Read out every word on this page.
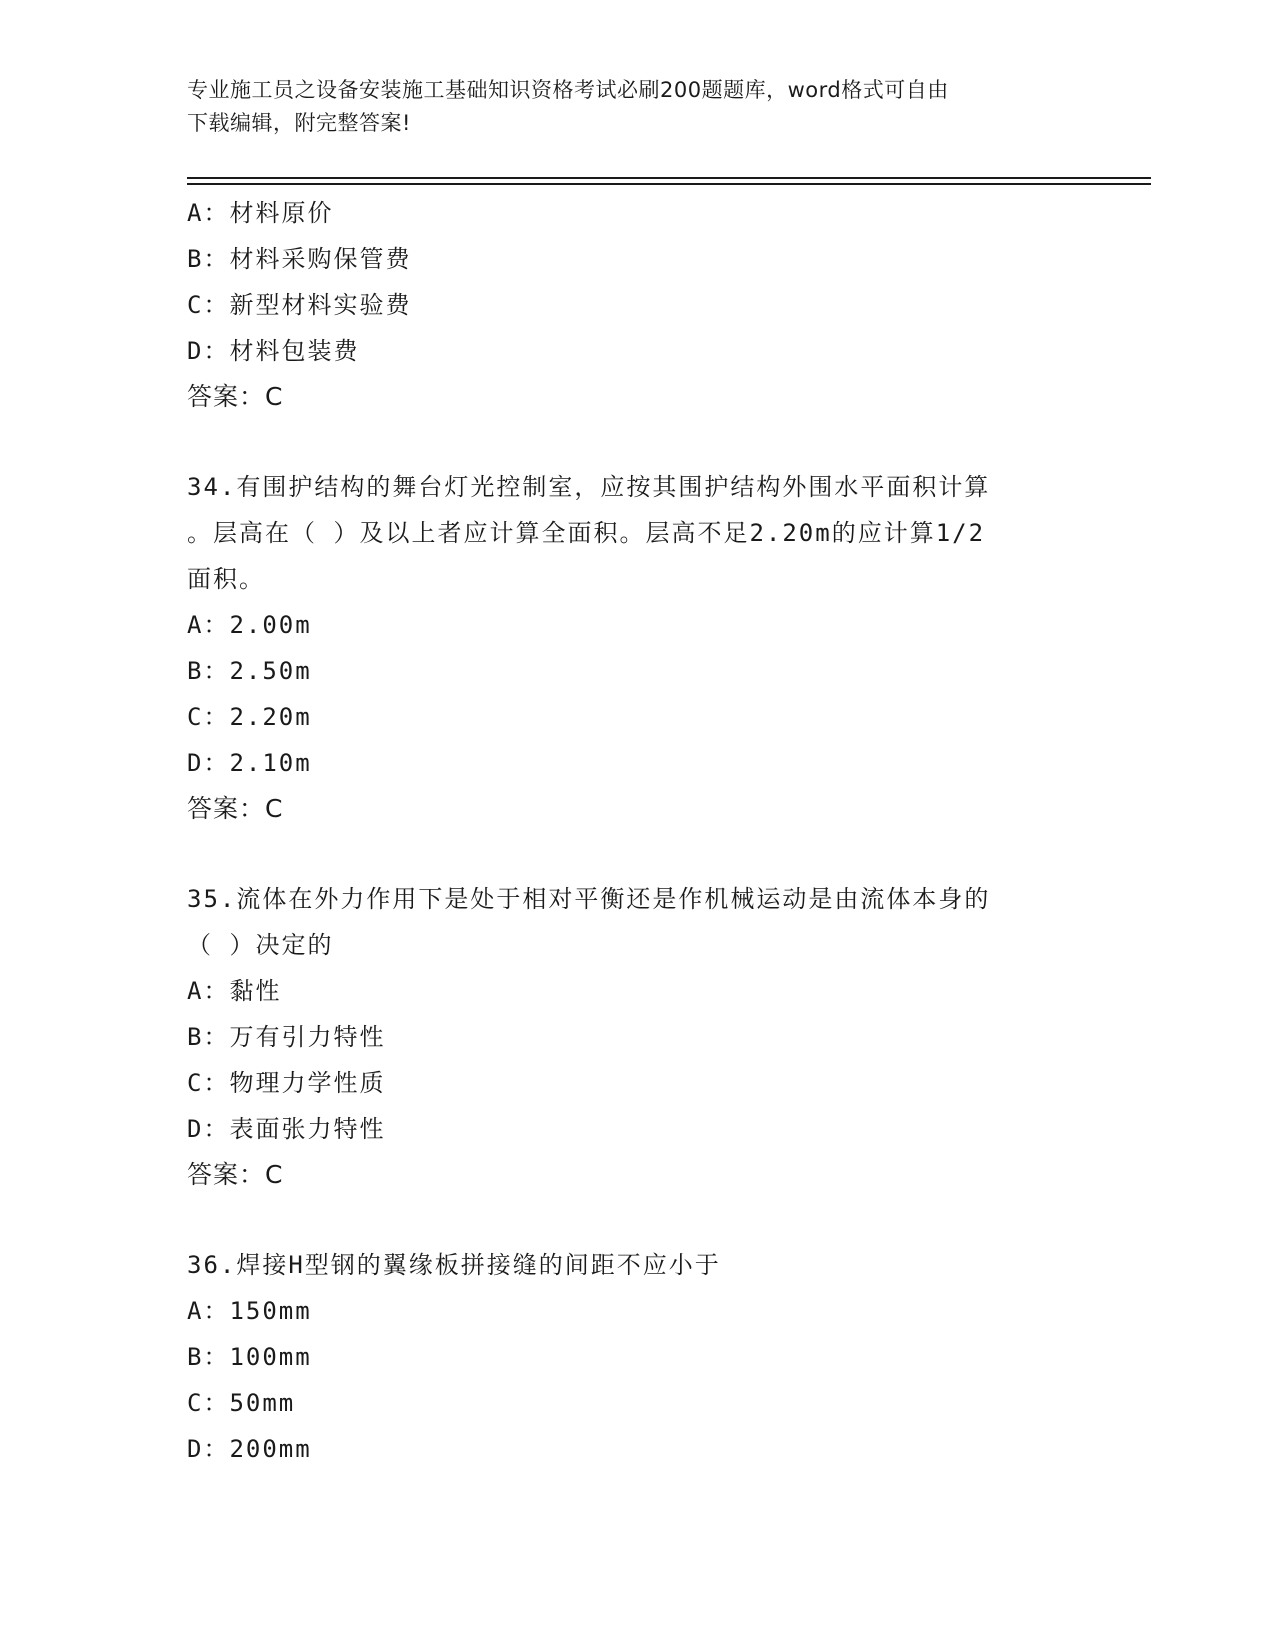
专业施工员之设备安装施工基础知识资格考试必刷200题题库，word格式可自由
下载编辑，附完整答案!
A：材料原价
B：材料采购保管费
C：新型材料实验费
D：材料包装费
答案：C
34.有围护结构的舞台灯光控制室，应按其围护结构外围水平面积计算
。层高在（ ）及以上者应计算全面积。层高不足2.20m的应计算1/2
面积。
A：2.00m
B：2.50m
C：2.20m
D：2.10m
答案：C
35.流体在外力作用下是处于相对平衡还是作机械运动是由流体本身的
（ ）决定的
A：黏性
B：万有引力特性
C：物理力学性质
D：表面张力特性
答案：C
36.焊接H型钢的翼缘板拼接缝的间距不应小于
A：150mm
B：100mm
C：50mm
D：200mm
